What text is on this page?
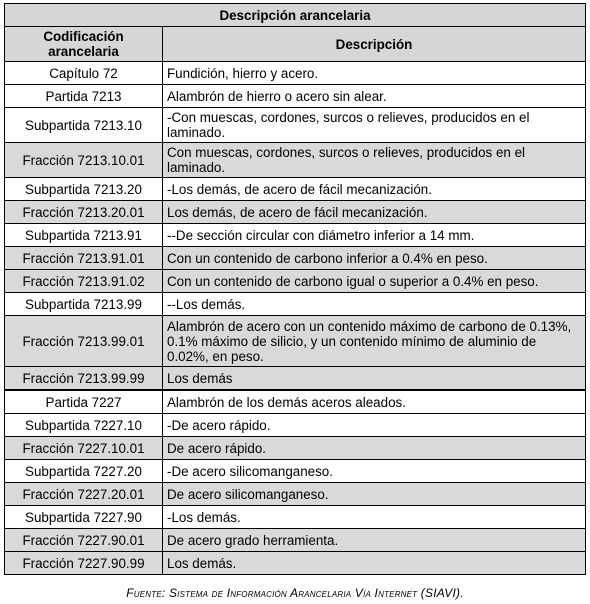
Descripción arancelaria	
Codificación arancelaria	Descripción
Capítulo 72	Fundición, hierro y acero.
Partida 7213	Alambrón de hierro o acero sin alear.
Subpartida 7213.10	-Con muescas, cordones, surcos o relieves, producidos en el laminado.
Fracción 7213.10.01	Con muescas, cordones, surcos o relieves, producidos en el laminado.
Subpartida 7213.20	-Los demás, de acero de fácil mecanización.
Fracción 7213.20.01	Los demás, de acero de fácil mecanización.
Subpartida 7213.91	--De sección circular con diámetro inferior a 14 mm.
Fracción 7213.91.01	Con un contenido de carbono inferior a 0.4% en peso.
Fracción 7213.91.02	Con un contenido de carbono igual o superior a 0.4% en peso.
Subpartida 7213.99	--Los demás.
Fracción 7213.99.01	Alambrón de acero con un contenido máximo de carbono de 0.13%, 0.1% máximo de silicio, y un contenido mínimo de aluminio de 0.02%, en peso.
Fracción 7213.99.99	Los demás
Partida 7227	Alambrón de los demás aceros aleados.
Subpartida 7227.10	-De acero rápido.
Fracción 7227.10.01	De acero rápido.
Subpartida 7227.20	-De acero silicomanganeso.
Fracción 7227.20.01	De acero silicomanganeso.
Subpartida 7227.90	-Los demás.
Fracción 7227.90.01	De acero grado herramienta.
Fracción 7227.90.99	Los demás.
Fuente: Sistema de Información Arancelaria Vía Internet (SIAVI).
